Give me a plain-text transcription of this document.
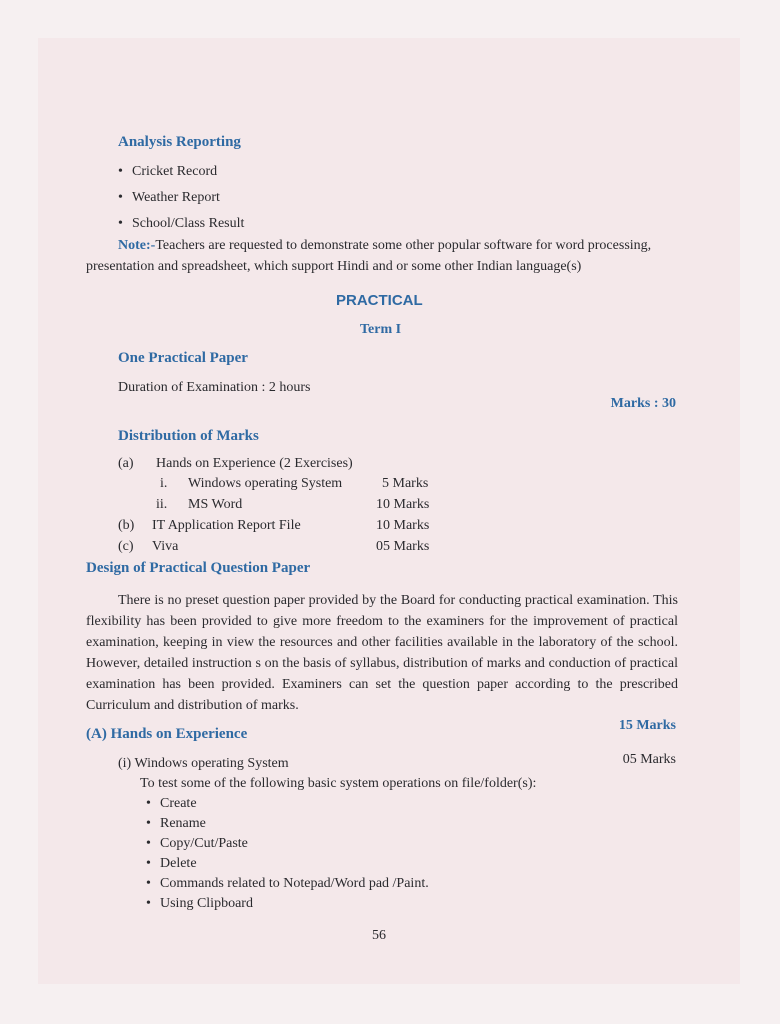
Analysis Reporting
• Cricket Record
• Weather Report
• School/Class Result
Note:-Teachers are requested to demonstrate some other popular software for word processing,
presentation and spreadsheet, which support Hindi and or some other Indian language(s)
PRACTICAL
Term I
One Practical Paper
Duration of Examination : 2 hours
Marks : 30
Distribution of Marks
(a) Hands on Experience (2 Exercises)
i. Windows operating System	5 Marks
ii. MS Word	10 Marks
(b) IT Application Report File	10 Marks
(c) Viva	05 Marks
Design of Practical Question Paper
There is no preset question paper provided by the Board for conducting practical examination. This flexibility has been provided to give more freedom to the examiners for the improvement of practical examination, keeping in view the resources and other facilities available in the laboratory of the school. However, detailed instruction s on the basis of syllabus, distribution of marks and conduction of practical examination has been provided. Examiners can set the question paper according to the prescribed Curriculum and distribution of marks.
(A) Hands on Experience
15 Marks
(i) Windows operating System	05 Marks
To test some of the following basic system operations on file/folder(s):
• Create
• Rename
• Copy/Cut/Paste
• Delete
• Commands related to Notepad/Word pad /Paint.
• Using Clipboard
56
